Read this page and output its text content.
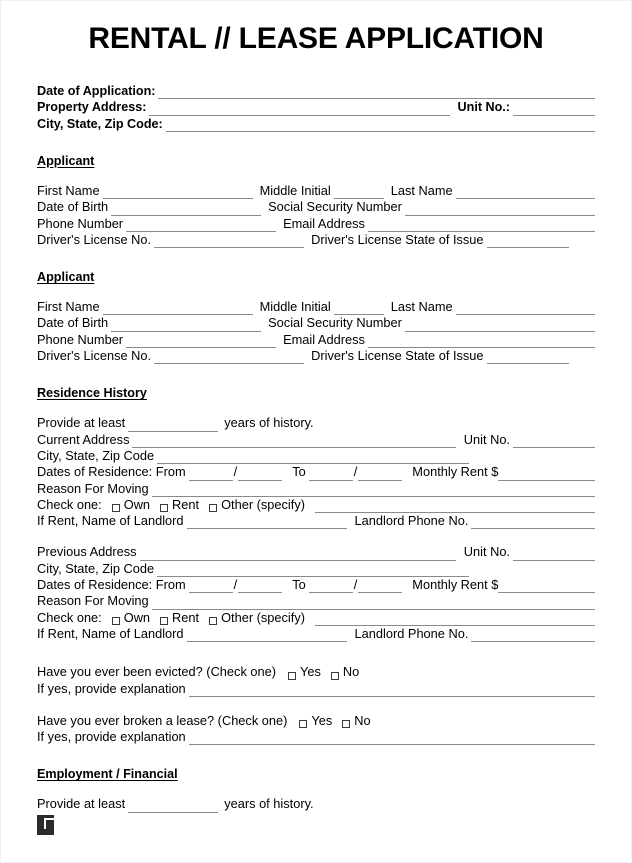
RENTAL // LEASE APPLICATION
Date of Application:
Property Address:	Unit No.:
City, State, Zip Code:
Applicant
First Name	Middle Initial	Last Name
Date of Birth	Social Security Number
Phone Number	Email Address
Driver's License No.	Driver's License State of Issue
Applicant
First Name	Middle Initial	Last Name
Date of Birth	Social Security Number
Phone Number	Email Address
Driver's License No.	Driver's License State of Issue
Residence History
Provide at least	years of history.
Current Address	Unit No.
City, State, Zip Code
Dates of Residence: From	/	To	/	Monthly Rent $
Reason For Moving
Check one: Own Rent Other (specify)
If Rent, Name of Landlord	Landlord Phone No.
Previous Address	Unit No.
City, State, Zip Code
Dates of Residence: From	/	To	/	Monthly Rent $
Reason For Moving
Check one: Own Rent Other (specify)
If Rent, Name of Landlord	Landlord Phone No.
Have you ever been evicted? (Check one) Yes No
If yes, provide explanation
Have you ever broken a lease? (Check one) Yes No
If yes, provide explanation
Employment / Financial
Provide at least	years of history.
